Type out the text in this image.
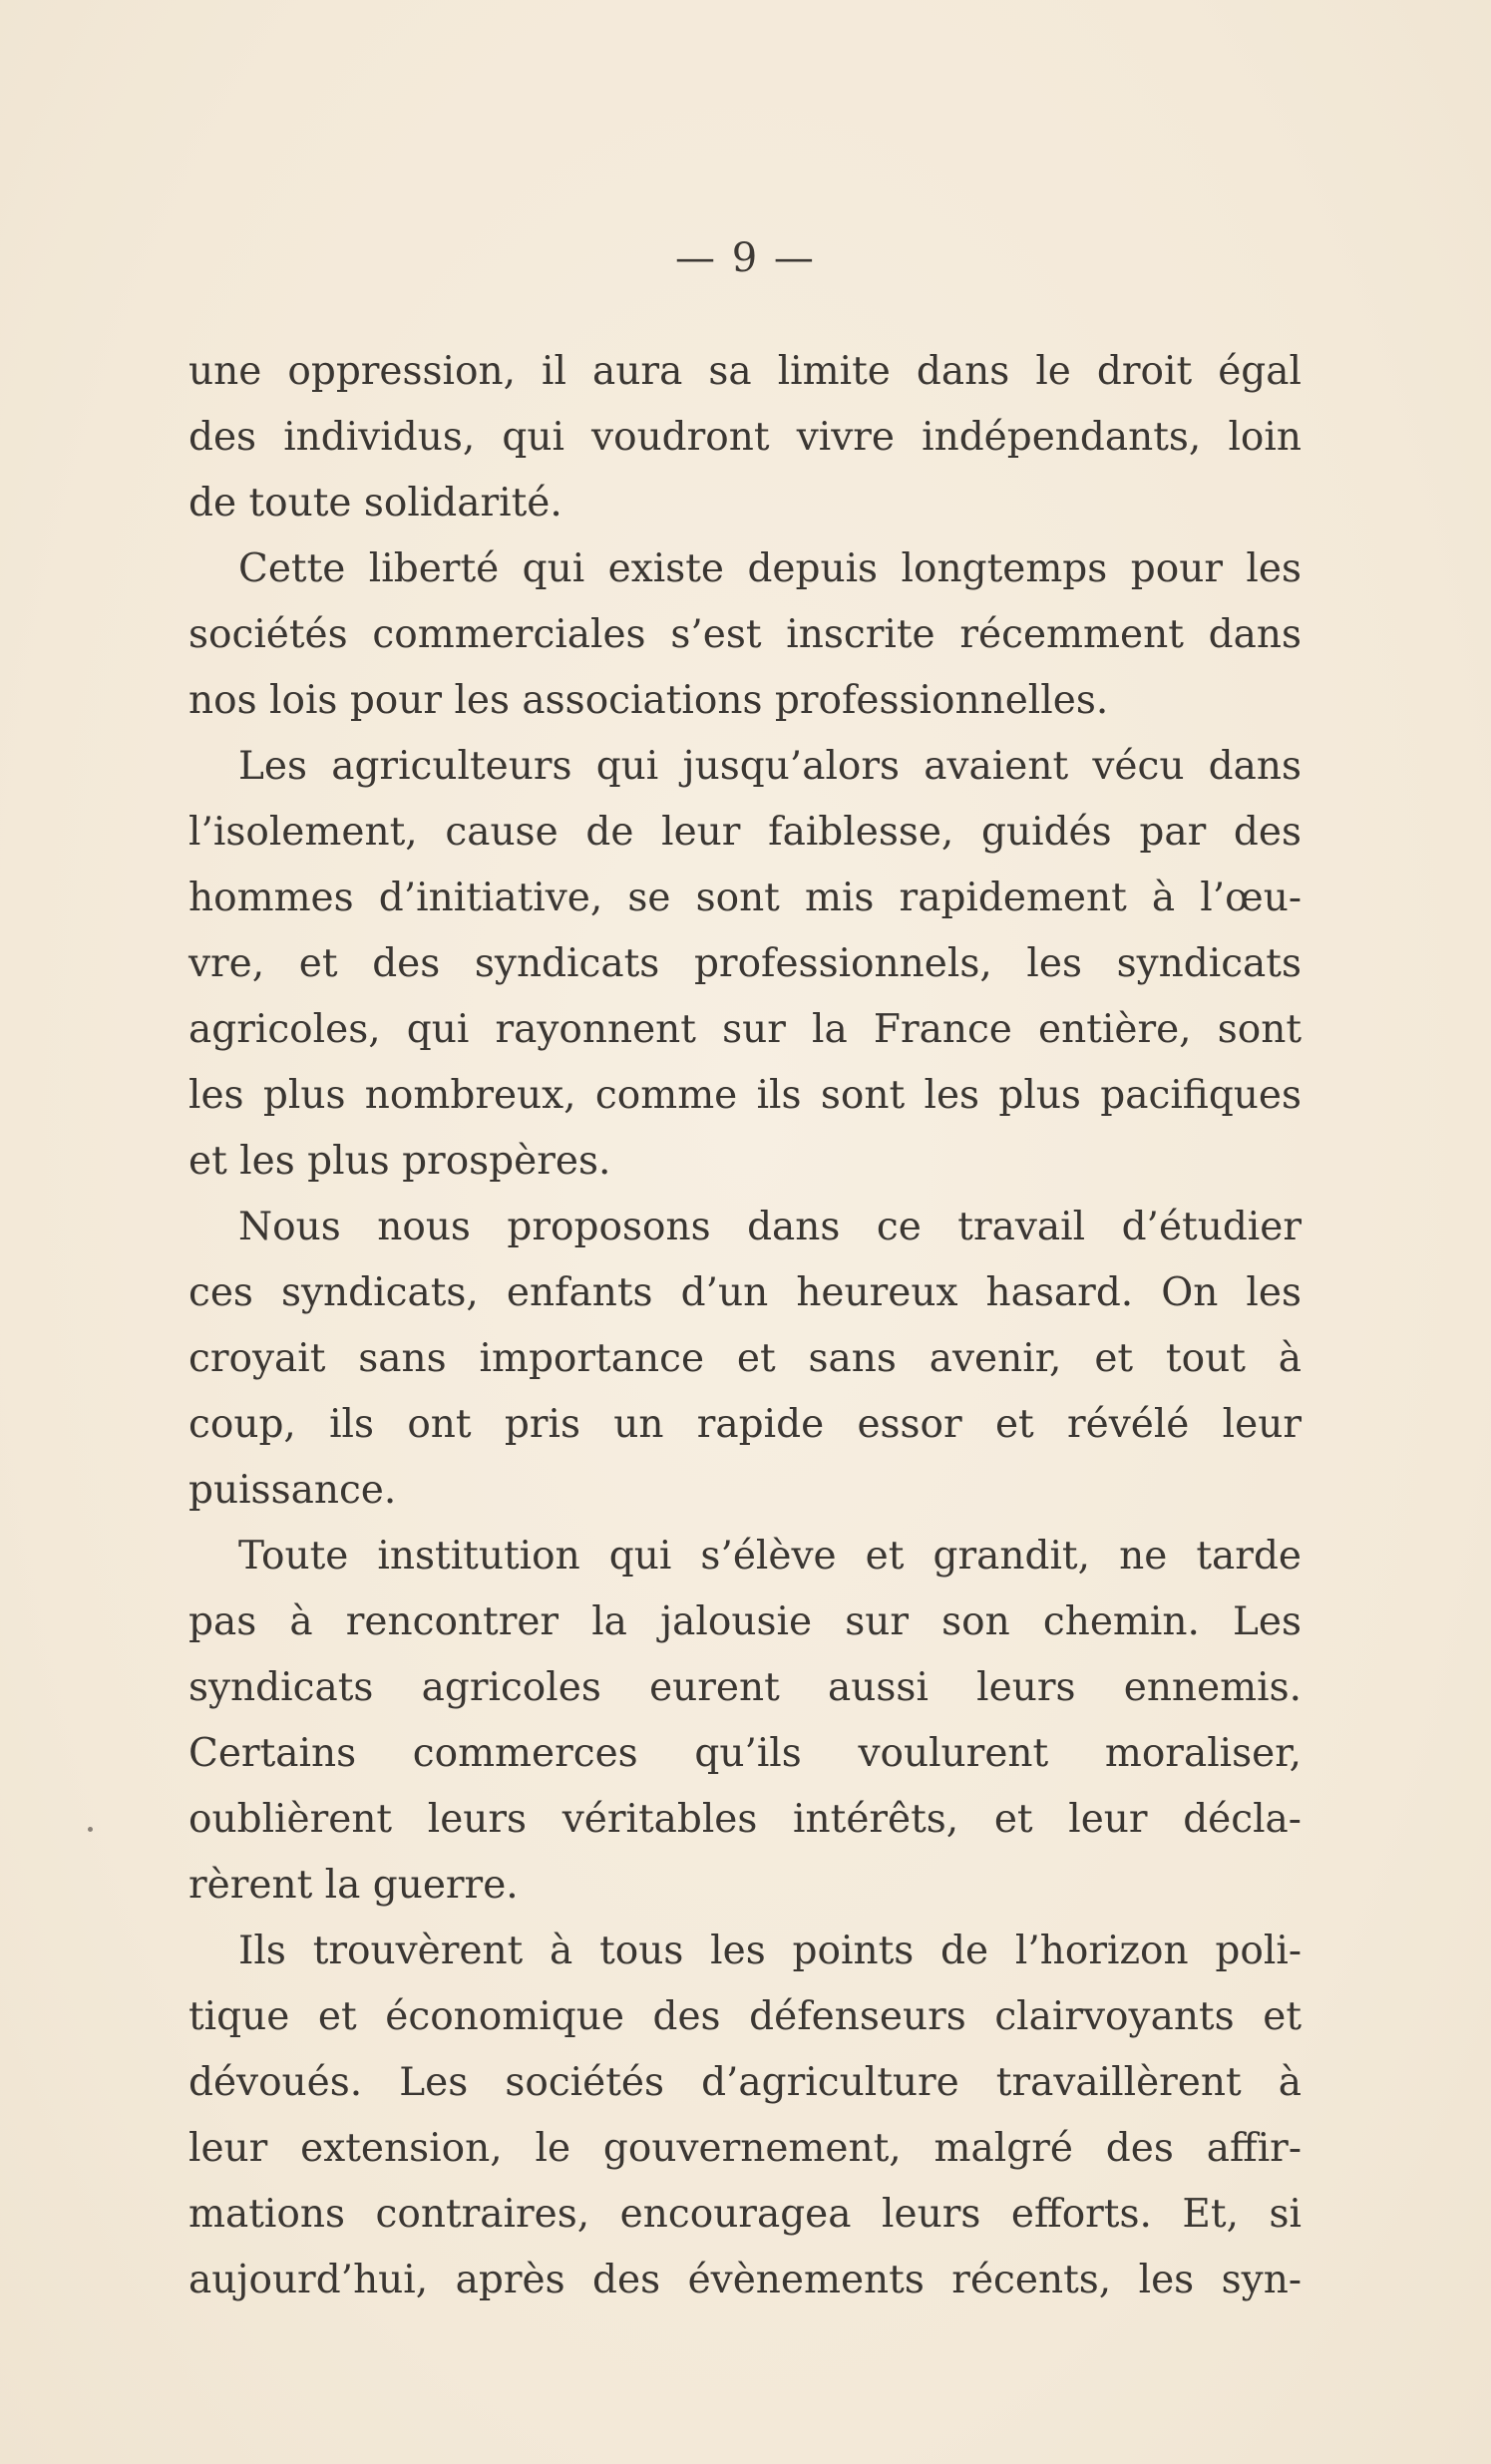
— 9 —
une oppression, il aura sa limite dans le droit égal
des individus, qui voudront vivre indépendants, loin
de toute solidarité.
Cette liberté qui existe depuis longtemps pour les
sociétés commerciales s’est inscrite récemment dans
nos lois pour les associations professionnelles.
Les agriculteurs qui jusqu’alors avaient vécu dans
l’isolement, cause de leur faiblesse, guidés par des
hommes d’initiative, se sont mis rapidement à l’œu-
vre, et des syndicats professionnels, les syndicats
agricoles, qui rayonnent sur la France entière, sont
les plus nombreux, comme ils sont les plus pacifiques
et les plus prospères.
Nous nous proposons dans ce travail d’étudier
ces syndicats, enfants d’un heureux hasard. On les
croyait sans importance et sans avenir, et tout à
coup, ils ont pris un rapide essor et révélé leur
puissance.
Toute institution qui s’élève et grandit, ne tarde
pas à rencontrer la jalousie sur son chemin. Les
syndicats agricoles eurent aussi leurs ennemis.
Certains commerces qu’ils voulurent moraliser,
oublièrent leurs véritables intérêts, et leur décla-
rèrent la guerre.
Ils trouvèrent à tous les points de l’horizon poli-
tique et économique des défenseurs clairvoyants et
dévoués. Les sociétés d’agriculture travaillèrent à
leur extension, le gouvernement, malgré des affir-
mations contraires, encouragea leurs efforts. Et, si
aujourd’hui, après des évènements récents, les syn-
